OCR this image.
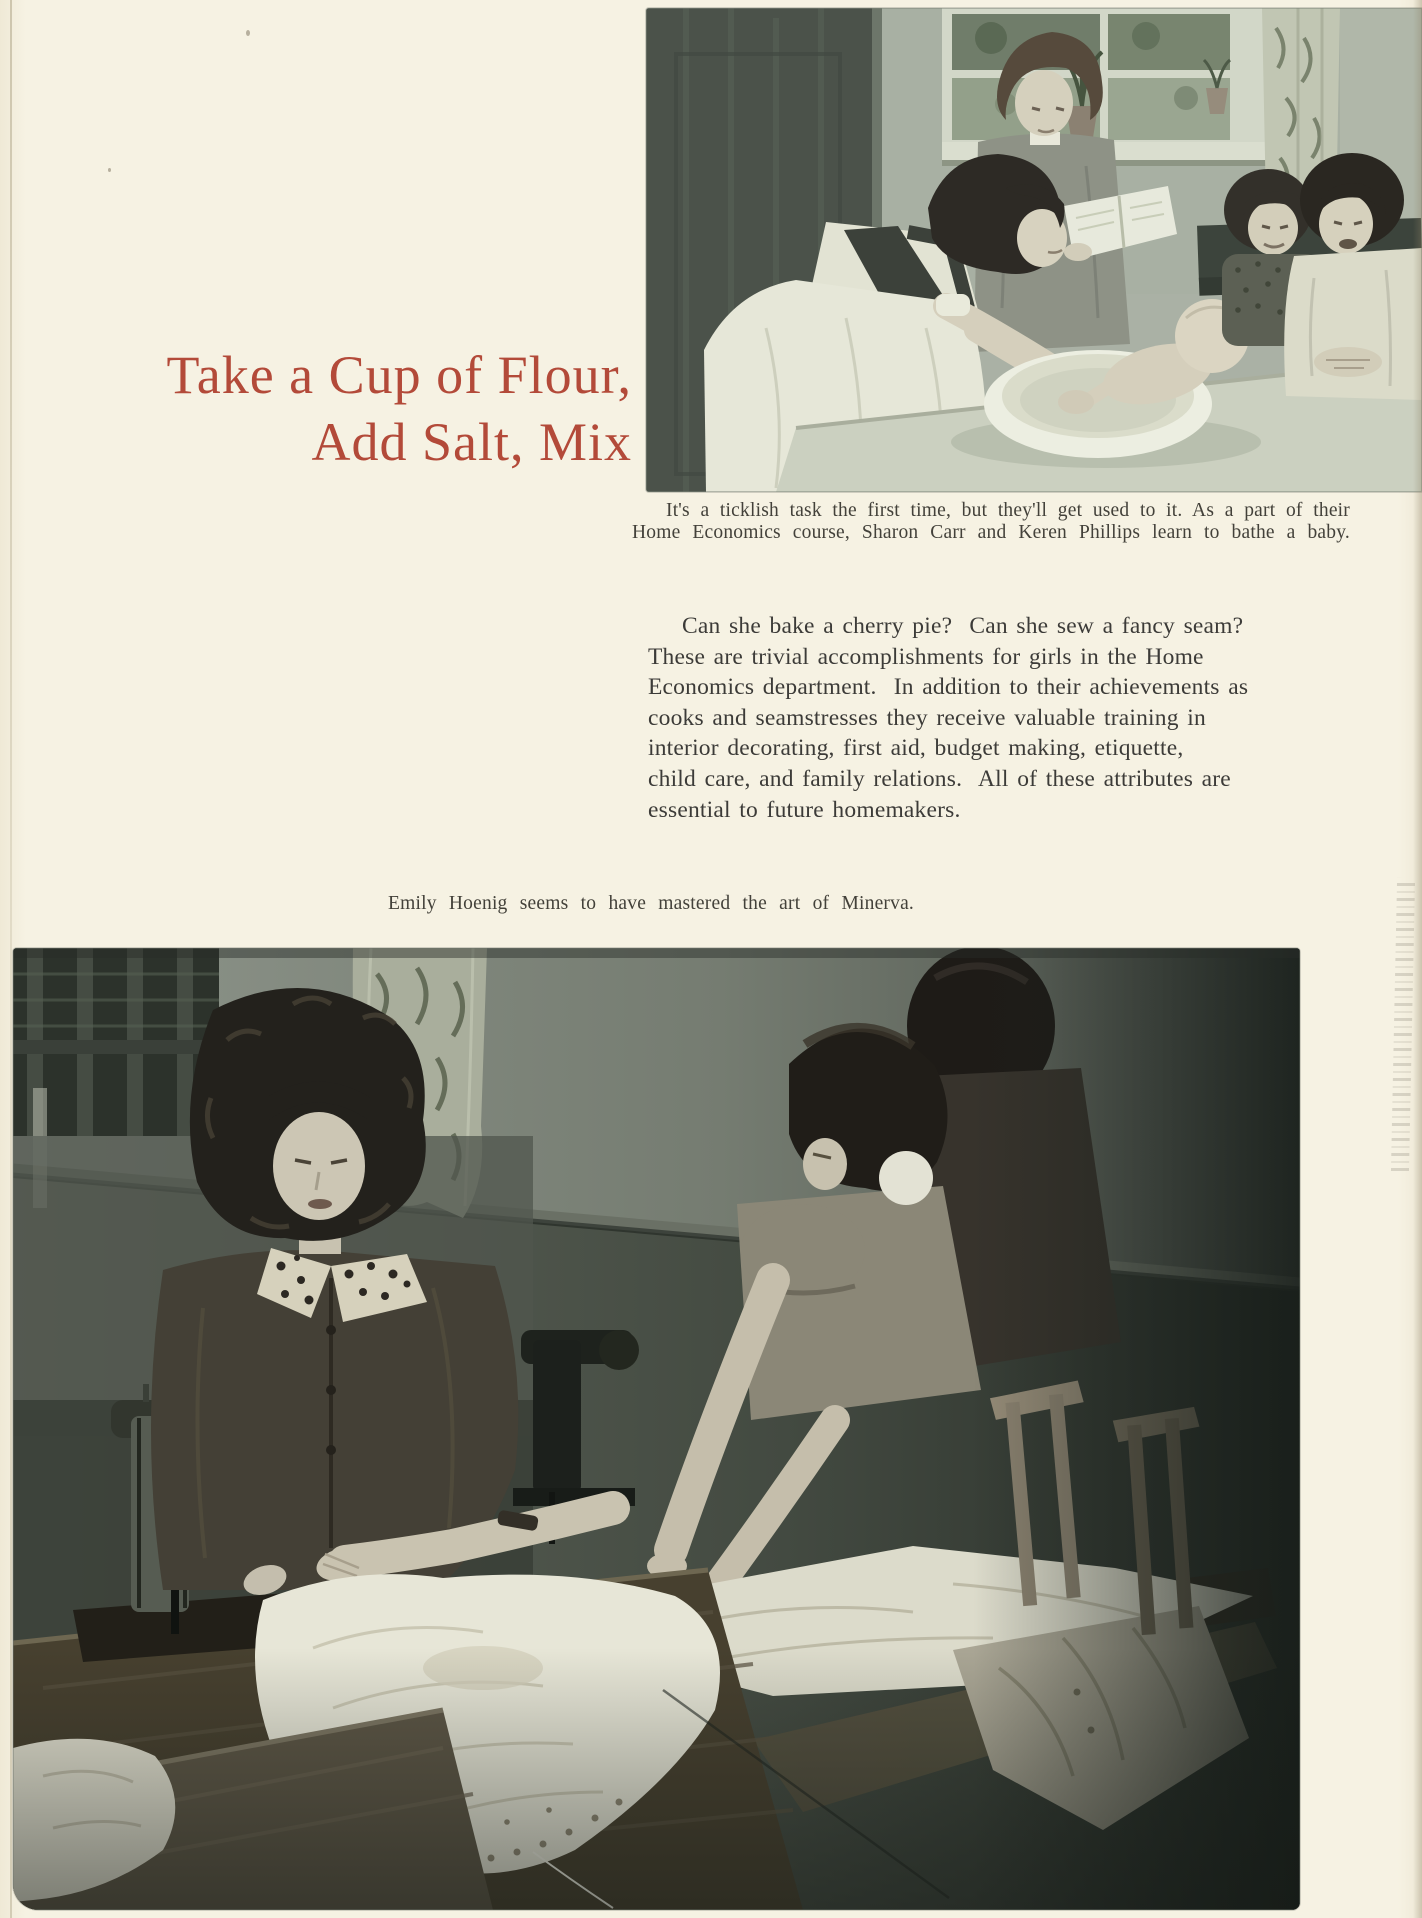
Take a Cup of Flour,
Add Salt, Mix
It's a ticklish task the first time, but they'll get used to it. As a part of their
Home Economics course, Sharon Carr and Keren Phillips learn to bathe a baby.
Can she bake a cherry pie?  Can she sew a fancy seam?
These are trivial accomplishments for girls in the Home
Economics department.  In addition to their achievements as
cooks and seamstresses they receive valuable training in
interior decorating, first aid, budget making, etiquette,
child care, and family relations.  All of these attributes are
essential to future homemakers.
Emily Hoenig seems to have mastered the art of Minerva.
